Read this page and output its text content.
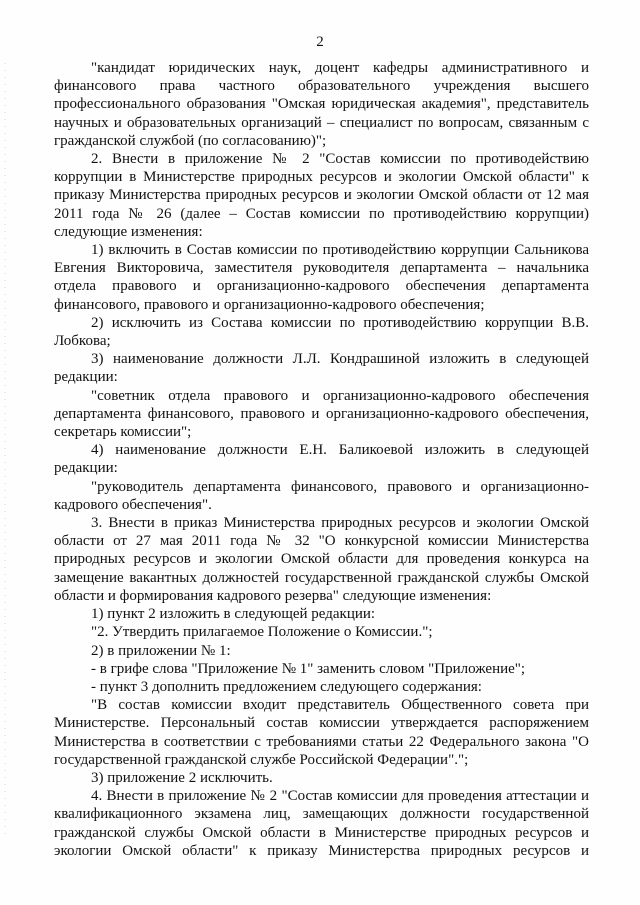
2

"кандидат юридических наук, доцент кафедры административного и финансового права частного образовательного учреждения высшего профессионального образования "Омская юридическая академия", представитель научных и образовательных организаций – специалист по вопросам, связанным с гражданской службой (по согласованию)";

2. Внести в приложение № 2 "Состав комиссии по противодействию коррупции в Министерстве природных ресурсов и экологии Омской области" к приказу Министерства природных ресурсов и экологии Омской области от 12 мая 2011 года № 26 (далее – Состав комиссии по противодействию коррупции) следующие изменения:

1) включить в Состав комиссии по противодействию коррупции Сальникова Евгения Викторовича, заместителя руководителя департамента – начальника отдела правового и организационно-кадрового обеспечения департамента финансового, правового и организационно-кадрового обеспечения;

2) исключить из Состава комиссии по противодействию коррупции В.В. Лобкова;

3) наименование должности Л.Л. Кондрашиной изложить в следующей редакции:

"советник отдела правового и организационно-кадрового обеспечения департамента финансового, правового и организационно-кадрового обеспечения, секретарь комиссии";

4) наименование должности Е.Н. Баликоевой изложить в следующей редакции:

"руководитель департамента финансового, правового и организационно-кадрового обеспечения".

3. Внести в приказ Министерства природных ресурсов и экологии Омской области от 27 мая 2011 года № 32 "О конкурсной комиссии Министерства природных ресурсов и экологии Омской области для проведения конкурса на замещение вакантных должностей государственной гражданской службы Омской области и формирования кадрового резерва" следующие изменения:

1) пункт 2 изложить в следующей редакции:

"2. Утвердить прилагаемое Положение о Комиссии.";

2) в приложении № 1:

- в грифе слова "Приложение № 1" заменить словом "Приложение";

- пункт 3 дополнить предложением следующего содержания:

"В состав комиссии входит представитель Общественного совета при Министерстве. Персональный состав комиссии утверждается распоряжением Министерства в соответствии с требованиями статьи 22 Федерального закона "О государственной гражданской службе Российской Федерации".";

3) приложение 2 исключить.

4. Внести в приложение № 2 "Состав комиссии для проведения аттестации и квалификационного экзамена лиц, замещающих должности государственной гражданской службы Омской области в Министерстве природных ресурсов и экологии Омской области" к приказу Министерства природных ресурсов и
